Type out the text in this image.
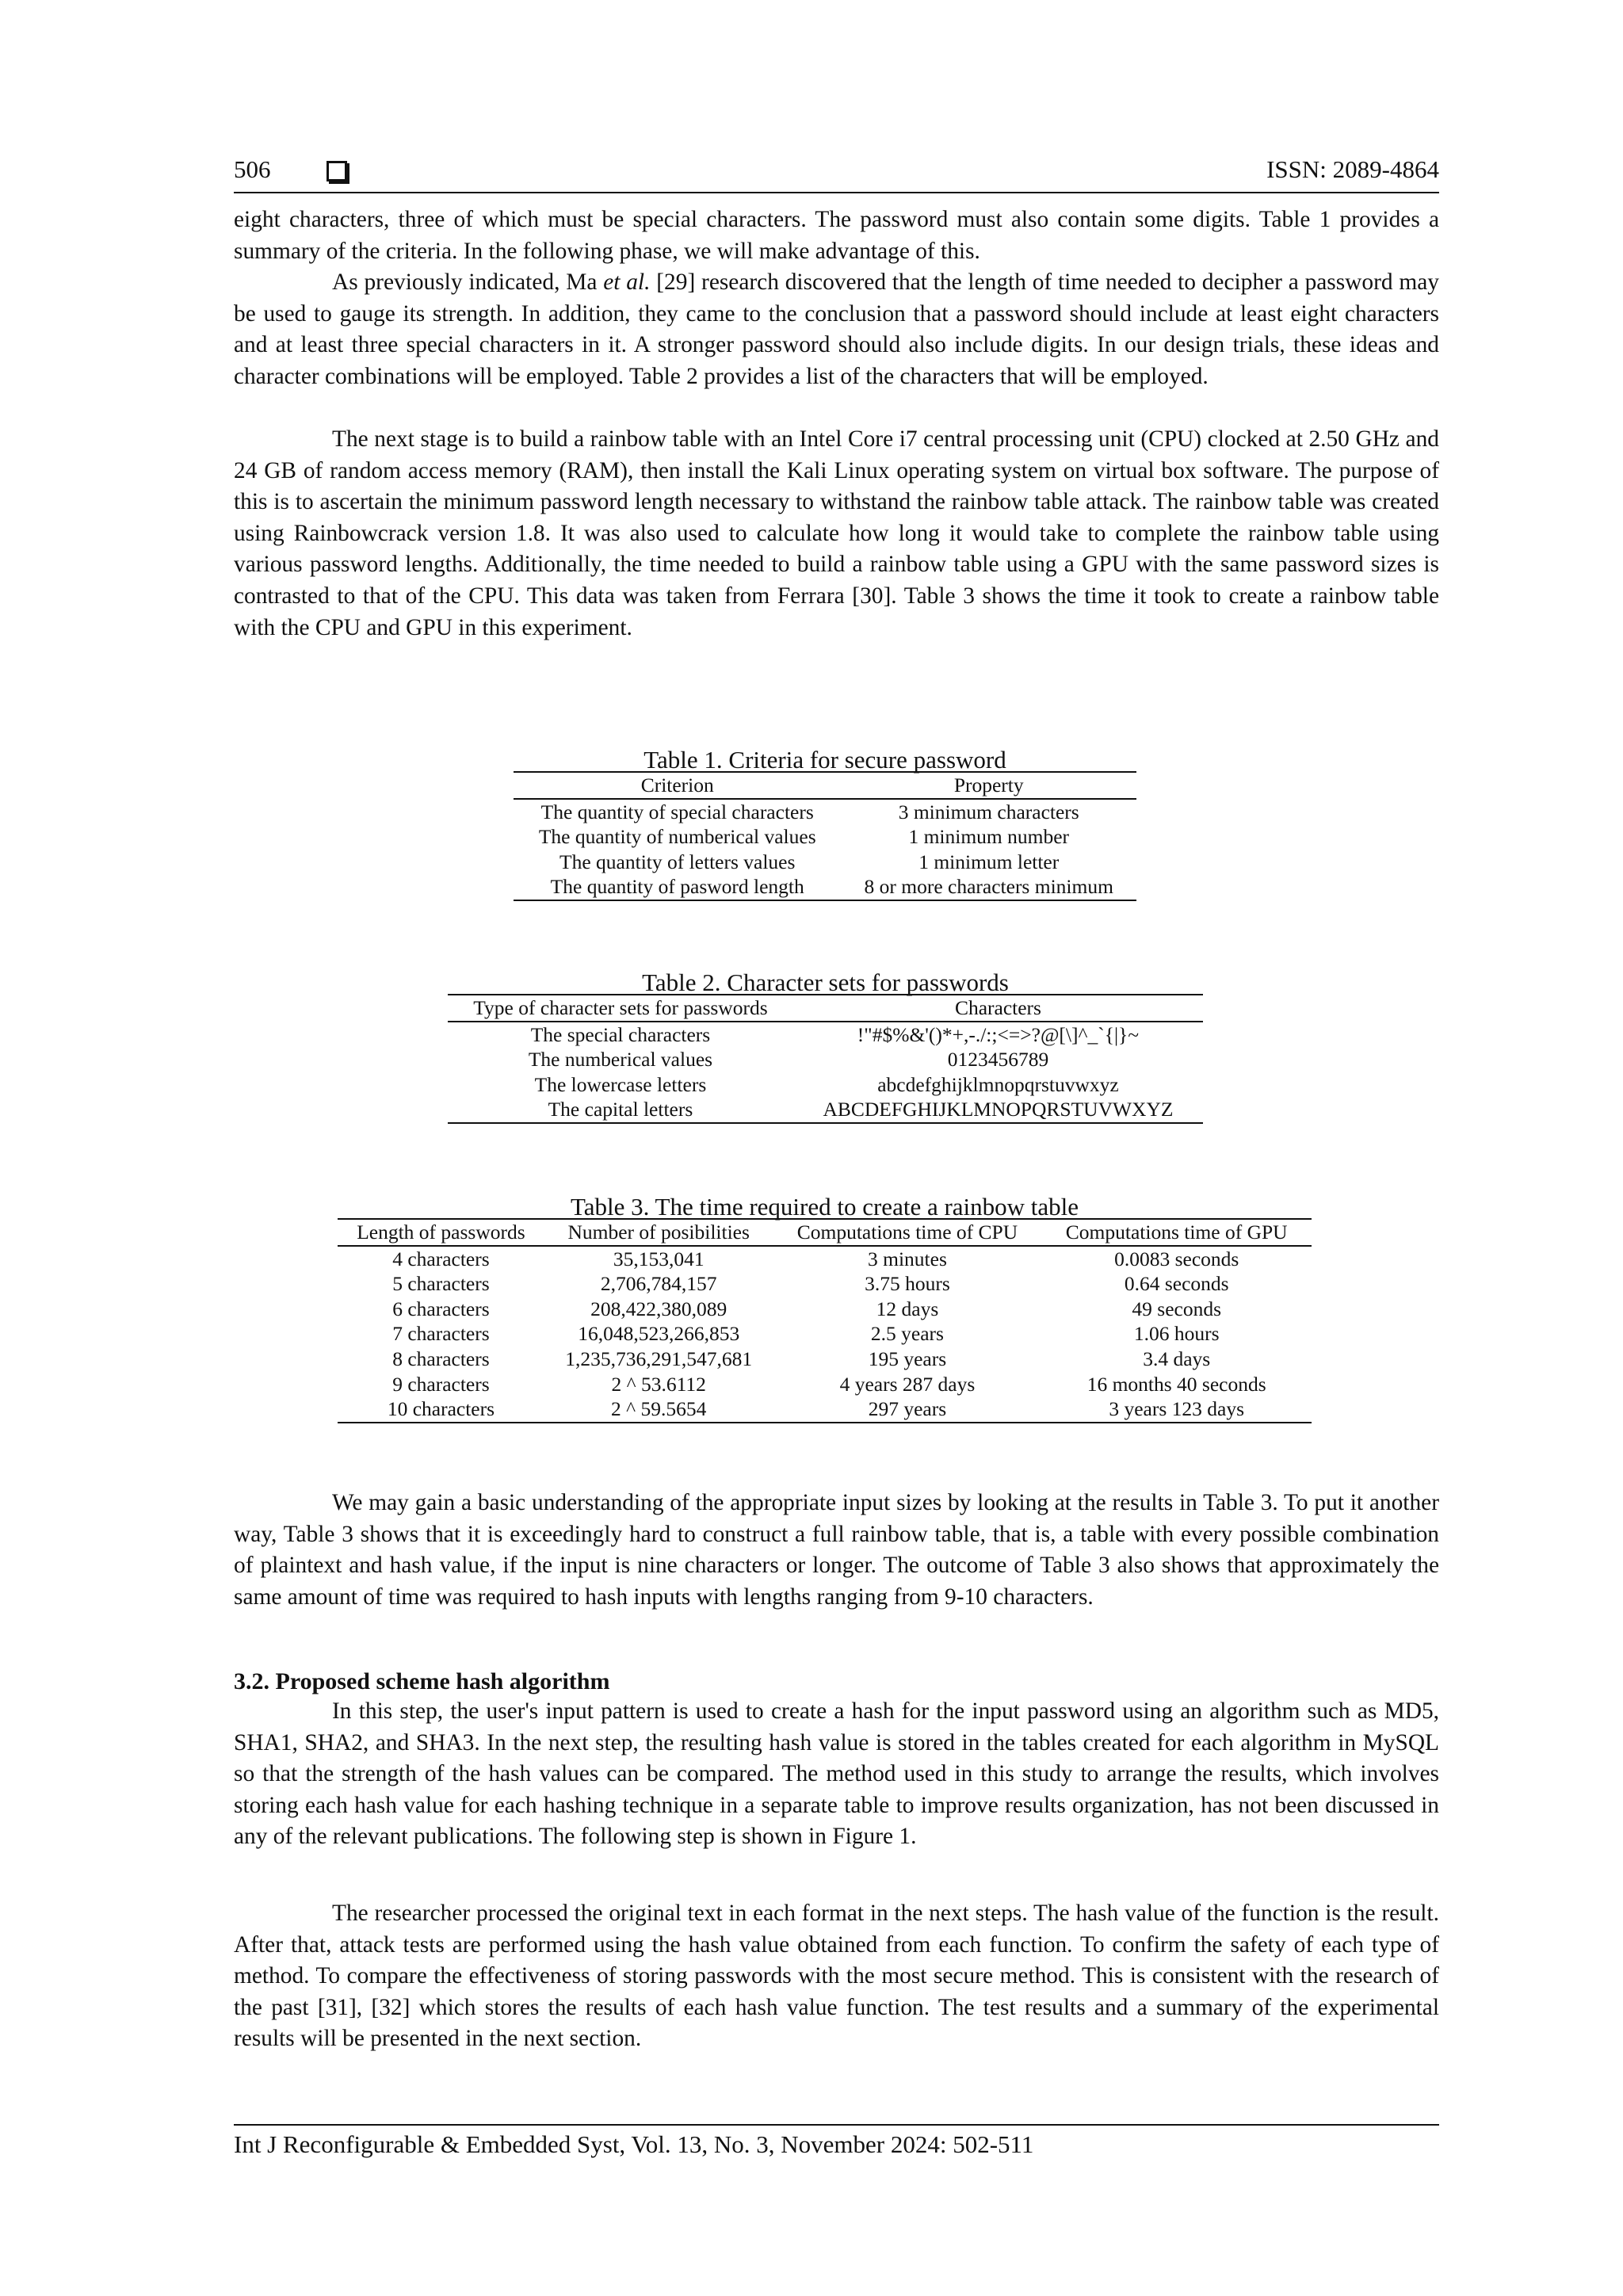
506	ISSN: 2089-4864

eight characters, three of which must be special characters. The password must also contain some digits. Table 1 provides a summary of the criteria. In the following phase, we will make advantage of this.

As previously indicated, Ma et al. [29] research discovered that the length of time needed to decipher a password may be used to gauge its strength. In addition, they came to the conclusion that a password should include at least eight characters and at least three special characters in it. A stronger password should also include digits. In our design trials, these ideas and character combinations will be employed. Table 2 provides a list of the characters that will be employed.

The next stage is to build a rainbow table with an Intel Core i7 central processing unit (CPU) clocked at 2.50 GHz and 24 GB of random access memory (RAM), then install the Kali Linux operating system on virtual box software. The purpose of this is to ascertain the minimum password length necessary to withstand the rainbow table attack. The rainbow table was created using Rainbowcrack version 1.8. It was also used to calculate how long it would take to complete the rainbow table using various password lengths. Additionally, the time needed to build a rainbow table using a GPU with the same password sizes is contrasted to that of the CPU. This data was taken from Ferrara [30]. Table 3 shows the time it took to create a rainbow table with the CPU and GPU in this experiment.

Table 1. Criteria for secure password
Criterion	Property
The quantity of special characters	3 minimum characters
The quantity of numberical values	1 minimum number
The quantity of letters values	1 minimum letter
The quantity of pasword length	8 or more characters minimum
Table 2. Character sets for passwords
Type of character sets for passwords	Characters
The special characters	!"#$%&'()*+,-./:;<=>?@[\]^_`{|}~
The numberical values	0123456789
The lowercase letters	abcdefghijklmnopqrstuvwxyz
The capital letters	ABCDEFGHIJKLMNOPQRSTUVWXYZ
Table 3. The time required to create a rainbow table
Length of passwords	Number of posibilities	Computations time of CPU	Computations time of GPU
4 characters	35,153,041	3 minutes	0.0083 seconds
5 characters	2,706,784,157	3.75 hours	0.64 seconds
6 characters	208,422,380,089	12 days	49 seconds
7 characters	16,048,523,266,853	2.5 years	1.06 hours
8 characters	1,235,736,291,547,681	195 years	3.4 days
9 characters	2 ^ 53.6112	4 years 287 days	16 months 40 seconds
10 characters	2 ^ 59.5654	297 years	3 years 123 days

We may gain a basic understanding of the appropriate input sizes by looking at the results in Table 3. To put it another way, Table 3 shows that it is exceedingly hard to construct a full rainbow table, that is, a table with every possible combination of plaintext and hash value, if the input is nine characters or longer. The outcome of Table 3 also shows that approximately the same amount of time was required to hash inputs with lengths ranging from 9-10 characters.

3.2. Proposed scheme hash algorithm

In this step, the user's input pattern is used to create a hash for the input password using an algorithm such as MD5, SHA1, SHA2, and SHA3. In the next step, the resulting hash value is stored in the tables created for each algorithm in MySQL so that the strength of the hash values can be compared. The method used in this study to arrange the results, which involves storing each hash value for each hashing technique in a separate table to improve results organization, has not been discussed in any of the relevant publications. The following step is shown in Figure 1.

The researcher processed the original text in each format in the next steps. The hash value of the function is the result. After that, attack tests are performed using the hash value obtained from each function. To confirm the safety of each type of method. To compare the effectiveness of storing passwords with the most secure method. This is consistent with the research of the past [31], [32] which stores the results of each hash value function. The test results and a summary of the experimental results will be presented in the next section.

Int J Reconfigurable & Embedded Syst, Vol. 13, No. 3, November 2024: 502-511
